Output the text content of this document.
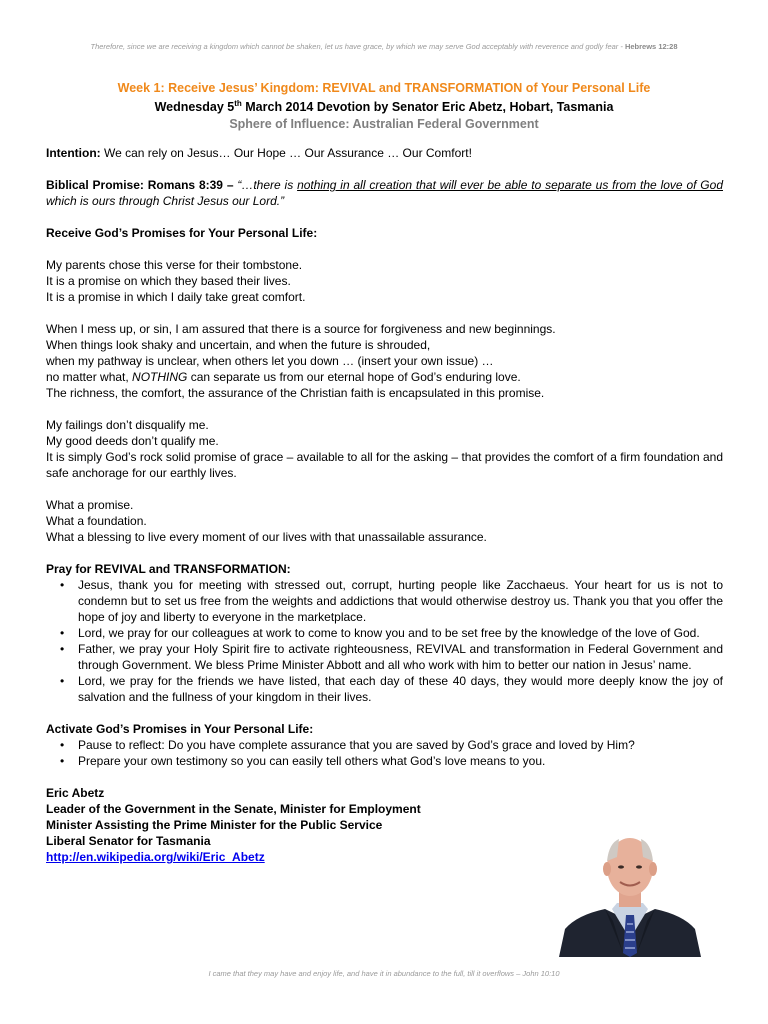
Therefore, since we are receiving a kingdom which cannot be shaken, let us have grace, by which we may serve God acceptably with reverence and godly fear - Hebrews 12:28
Week 1: Receive Jesus’ Kingdom: REVIVAL and TRANSFORMATION of Your Personal Life
Wednesday 5th March 2014 Devotion by Senator Eric Abetz, Hobart, Tasmania
Sphere of Influence: Australian Federal Government

Intention: We can rely on Jesus… Our Hope … Our Assurance … Our Comfort!

Biblical Promise: Romans 8:39 – “…there is nothing in all creation that will ever be able to separate us from the love of God which is ours through Christ Jesus our Lord.”

Receive God’s Promises for Your Personal Life:

My parents chose this verse for their tombstone.

It is a promise on which they based their lives.

It is a promise in which I daily take great comfort.

When I mess up, or sin, I am assured that there is a source for forgiveness and new beginnings.

When things look shaky and uncertain, and when the future is shrouded,

when my pathway is unclear, when others let you down … (insert your own issue) …

no matter what, NOTHING can separate us from our eternal hope of God’s enduring love.

The richness, the comfort, the assurance of the Christian faith is encapsulated in this promise.

My failings don’t disqualify me.

My good deeds don’t qualify me.

It is simply God’s rock solid promise of grace – available to all for the asking – that provides the comfort of a firm foundation and safe anchorage for our earthly lives.

What a promise.

What a foundation.

What a blessing to live every moment of our lives with that unassailable assurance.

Pray for REVIVAL and TRANSFORMATION:

• Jesus, thank you for meeting with stressed out, corrupt, hurting people like Zacchaeus. Your heart for us is not to condemn but to set us free from the weights and addictions that would otherwise destroy us. Thank you that you offer the hope of joy and liberty to everyone in the marketplace.
• Lord, we pray for our colleagues at work to come to know you and to be set free by the knowledge of the love of God.
• Father, we pray your Holy Spirit fire to activate righteousness, REVIVAL and transformation in Federal Government and through Government. We bless Prime Minister Abbott and all who work with him to better our nation in Jesus’ name.
• Lord, we pray for the friends we have listed, that each day of these 40 days, they would more deeply know the joy of salvation and the fullness of your kingdom in their lives.

Activate God’s Promises in Your Personal Life:

• Pause to reflect: Do you have complete assurance that you are saved by God’s grace and loved by Him?
• Prepare your own testimony so you can easily tell others what God’s love means to you.

Eric Abetz

Leader of the Government in the Senate, Minister for Employment

Minister Assisting the Prime Minister for the Public Service

Liberal Senator for Tasmania

http://en.wikipedia.org/wiki/Eric_Abetz

I came that they may have and enjoy life, and have it in abundance to the full, till it overflows – John 10:10
